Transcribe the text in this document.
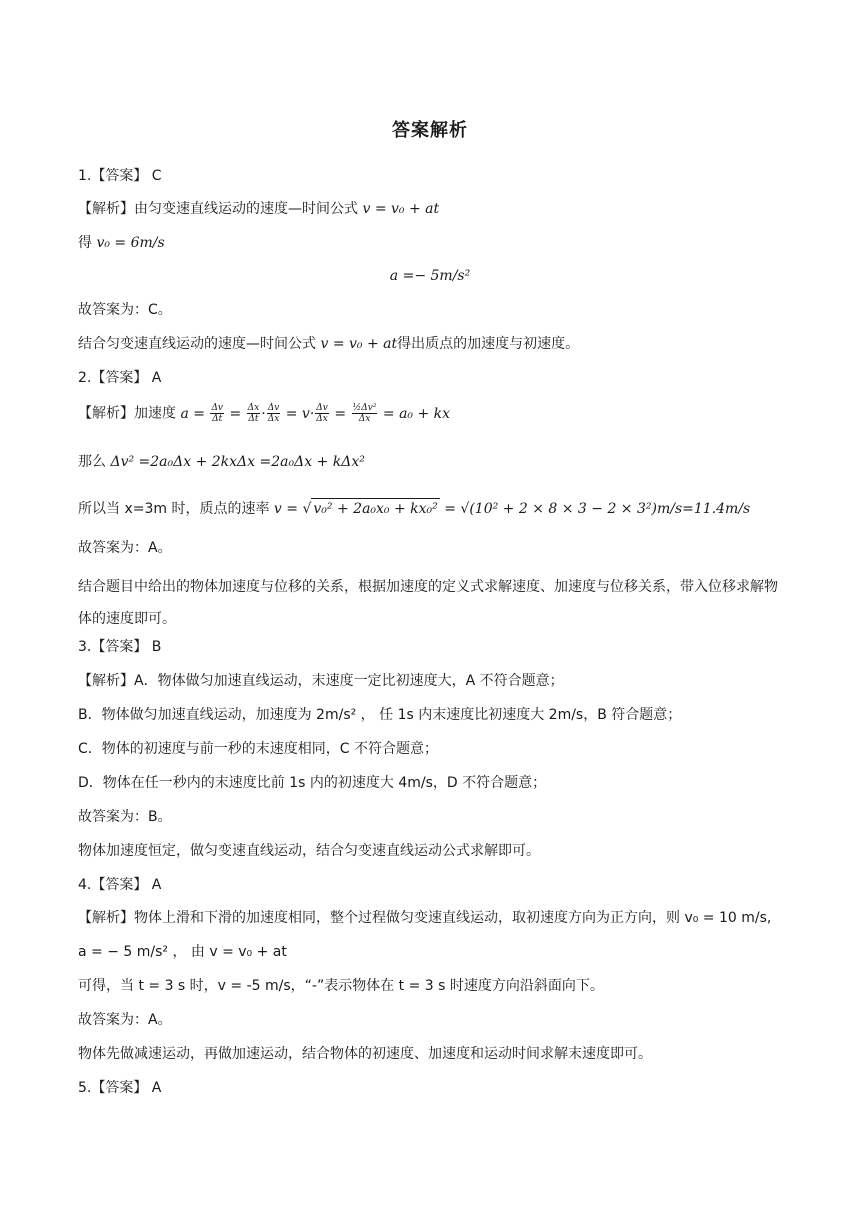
答案解析
1.【答案】 C
【解析】由匀变速直线运动的速度—时间公式 v = v₀ + at
得 v₀ = 6m/s
a =− 5m/s²
故答案为：C。
结合匀变速直线运动的速度—时间公式 v = v₀ + at得出质点的加速度与初速度。
2.【答案】 A
【解析】加速度 $a = \frac{\Delta v}{\Delta t} = \frac{\Delta x}{\Delta t} \cdot \frac{\Delta v}{\Delta x} = v\cdot \frac{\Delta v}{\Delta x} = \frac{\text{½Δv²}}{\Delta x} = a_0$ + kx
那么 Δv² =2a₀Δx + 2kxΔx =2a₀Δx + kΔx²
所以当 x=3m 时，质点的速率 v = √ v₀² + 2a₀x₀ + kx₀² = √(10² + 2 × 8 × 3 − 2 × 3²)m/s=11.4m/s
故答案为：A。
结合题目中给出的物体加速度与位移的关系，根据加速度的定义式求解速度、加速度与位移关系，带入位移求解物体的速度即可。
3.【答案】 B
【解析】A．物体做匀加速直线运动，末速度一定比初速度大，A 不符合题意；
B．物体做匀加速直线运动，加速度为 2m/s² ， 任 1s 内末速度比初速度大 2m/s，B 符合题意；
C．物体的初速度与前一秒的末速度相同，C 不符合题意；
D．物体在任一秒内的末速度比前 1s 内的初速度大 4m/s，D 不符合题意；
故答案为：B。
物体加速度恒定，做匀变速直线运动，结合匀变速直线运动公式求解即可。
4.【答案】 A
【解析】物体上滑和下滑的加速度相同，整个过程做匀变速直线运动，取初速度方向为正方向，则 v₀ = 10 m/s,
a = − 5 m/s² ， 由 v = v₀ + at
可得，当 t = 3 s 时，v = -5 m/s，“-”表示物体在 t = 3 s 时速度方向沿斜面向下。
故答案为：A。
物体先做减速运动，再做加速运动，结合物体的初速度、加速度和运动时间求解末速度即可。
5.【答案】 A
